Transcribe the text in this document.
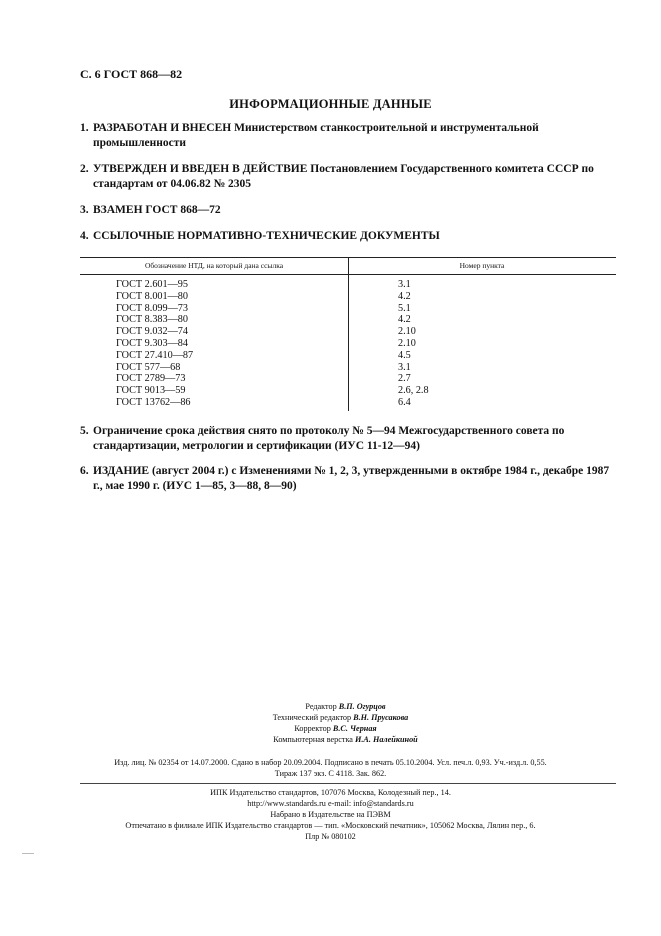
С. 6 ГОСТ 868—82
ИНФОРМАЦИОННЫЕ ДАННЫЕ
1. РАЗРАБОТАН И ВНЕСЕН Министерством станкостроительной и инструментальной промышленности
2. УТВЕРЖДЕН И ВВЕДЕН В ДЕЙСТВИЕ Постановлением Государственного комитета СССР по стандартам от 04.06.82 № 2305
3. ВЗАМЕН ГОСТ 868—72
4. ССЫЛОЧНЫЕ НОРМАТИВНО-ТЕХНИЧЕСКИЕ ДОКУМЕНТЫ
Обозначение НТД, на который дана ссылка	Номер пункта
ГОСТ 2.601—95	3.1
ГОСТ 8.001—80	4.2
ГОСТ 8.099—73	5.1
ГОСТ 8.383—80	4.2
ГОСТ 9.032—74	2.10
ГОСТ 9.303—84	2.10
ГОСТ 27.410—87	4.5
ГОСТ 577—68	3.1
ГОСТ 2789—73	2.7
ГОСТ 9013—59	2.6, 2.8
ГОСТ 13762—86	6.4
5. Ограничение срока действия снято по протоколу № 5—94 Межгосударственного совета по стандартизации, метрологии и сертификации (ИУС 11-12—94)
6. ИЗДАНИЕ (август 2004 г.) с Изменениями № 1, 2, 3, утвержденными в октябре 1984 г., декабре 1987 г., мае 1990 г. (ИУС 1—85, 3—88, 8—90)
Редактор В.П. Огурцов
Технический редактор В.Н. Прусакова
Корректор В.С. Черная
Компьютерная верстка И.А. Налейкиной
Изд. лиц. № 02354 от 14.07.2000. Сдано в набор 20.09.2004. Подписано в печать 05.10.2004. Усл. печ.л. 0,93. Уч.-изд.л. 0,55.
Тираж 137 экз. С 4118. Зак. 862.
ИПК Издательство стандартов, 107076 Москва, Колодезный пер., 14.
http://www.standards.ru e-mail: info@standards.ru
Набрано в Издательстве на ПЭВМ
Отпечатано в филиале ИПК Издательство стандартов — тип. «Московский печатник», 105062 Москва, Лялин пер., 6.
Плр № 080102
